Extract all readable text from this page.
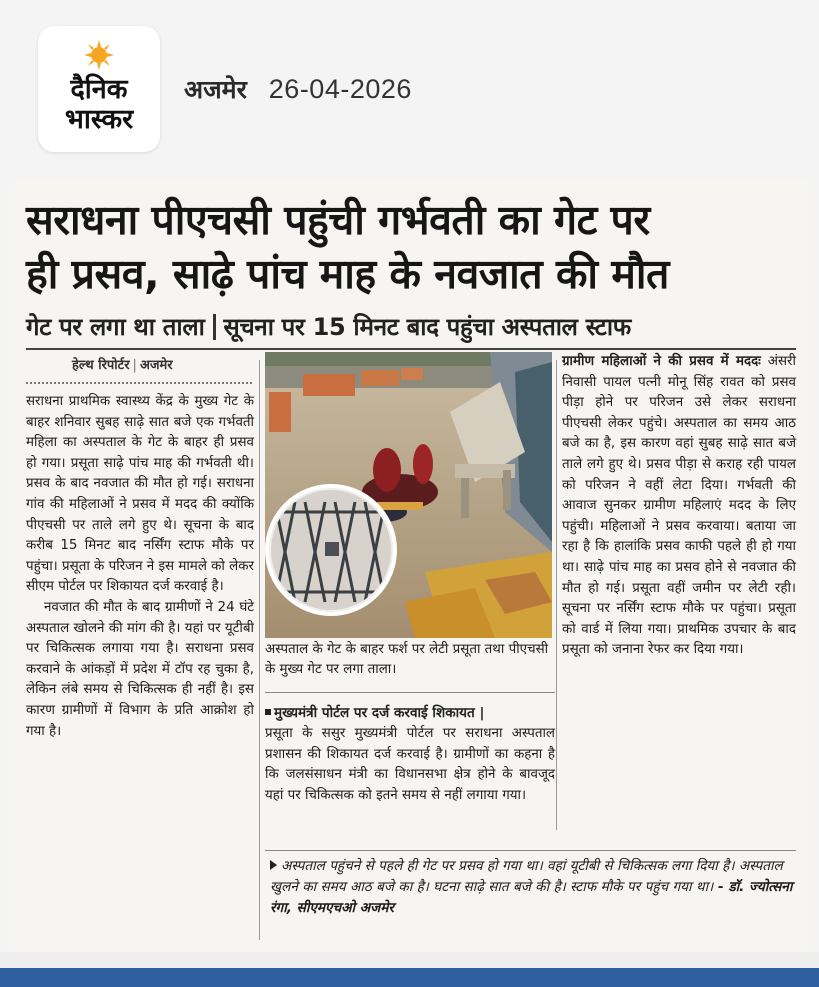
दैनिक
भास्कर
अजमेर 26-04-2026
सराधना पीएचसी पहुंची गर्भवती का गेट पर
ही प्रसव, साढ़े पांच माह के नवजात की मौत
गेट पर लगा था ताला सूचना पर 15 मिनट बाद पहुंचा अस्पताल स्टाफ
हेल्थ रिपोर्टर | अजमेर

सराधना प्राथमिक स्वास्थ्य केंद्र के मुख्य गेट के बाहर शनिवार सुबह साढ़े सात बजे एक गर्भवती महिला का अस्पताल के गेट के बाहर ही प्रसव हो गया। प्रसूता साढ़े पांच माह की गर्भवती थी। प्रसव के बाद नवजात की मौत हो गई। सराधना गांव की महिलाओं ने प्रसव में मदद की क्योंकि पीएचसी पर ताले लगे हुए थे। सूचना के बाद करीब 15 मिनट बाद नर्सिंग स्टाफ मौके पर पहुंचा। प्रसूता के परिजन ने इस मामले को लेकर सीएम पोर्टल पर शिकायत दर्ज करवाई है।

नवजात की मौत के बाद ग्रामीणों ने 24 घंटे अस्पताल खोलने की मांग की है। यहां पर यूटीबी पर चिकित्सक लगाया गया है। सराधना प्रसव करवाने के आंकड़ों में प्रदेश में टॉप रह चुका है, लेकिन लंबे समय से चिकित्सक ही नहीं है। इस कारण ग्रामीणों में विभाग के प्रति आक्रोश हो गया है।

अस्पताल के गेट के बाहर फर्श पर लेटी प्रसूता तथा पीएचसी के मुख्य गेट पर लगा ताला।
मुख्यमंत्री पोर्टल पर दर्ज करवाई शिकायत |

प्रसूता के ससुर मुख्यमंत्री पोर्टल पर सराधना अस्पताल प्रशासन की शिकायत दर्ज करवाई है। ग्रामीणों का कहना है कि जलसंसाधन मंत्री का विधानसभा क्षेत्र होने के बावजूद यहां पर चिकित्सक को इतने समय से नहीं लगाया गया।

ग्रामीण महिलाओं ने की प्रसव में मददः अंसरी निवासी पायल पत्नी मोनू सिंह रावत को प्रसव पीड़ा होने पर परिजन उसे लेकर सराधना पीएचसी लेकर पहुंचे। अस्पताल का समय आठ बजे का है, इस कारण वहां सुबह साढ़े सात बजे ताले लगे हुए थे। प्रसव पीड़ा से कराह रही पायल को परिजन ने वहीं लेटा दिया। गर्भवती की आवाज सुनकर ग्रामीण महिलाएं मदद के लिए पहुंची। महिलाओं ने प्रसव करवाया। बताया जा रहा है कि हालांकि प्रसव काफी पहले ही हो गया था। साढ़े पांच माह का प्रसव होने से नवजात की मौत हो गई। प्रसूता वहीं जमीन पर लेटी रही। सूचना पर नर्सिंग स्टाफ मौके पर पहुंचा। प्रसूता को वार्ड में लिया गया। प्राथमिक उपचार के बाद प्रसूता को जनाना रेफर कर दिया गया।

अस्पताल पहुंचने से पहले ही गेट पर प्रसव हो गया था। वहां यूटीबी से चिकित्सक लगा दिया है। अस्पताल खुलने का समय आठ बजे का है। घटना साढ़े सात बजे की है। स्टाफ मौके पर पहुंच गया था। - डॉ. ज्योत्सना रंगा, सीएमएचओ अजमेर
